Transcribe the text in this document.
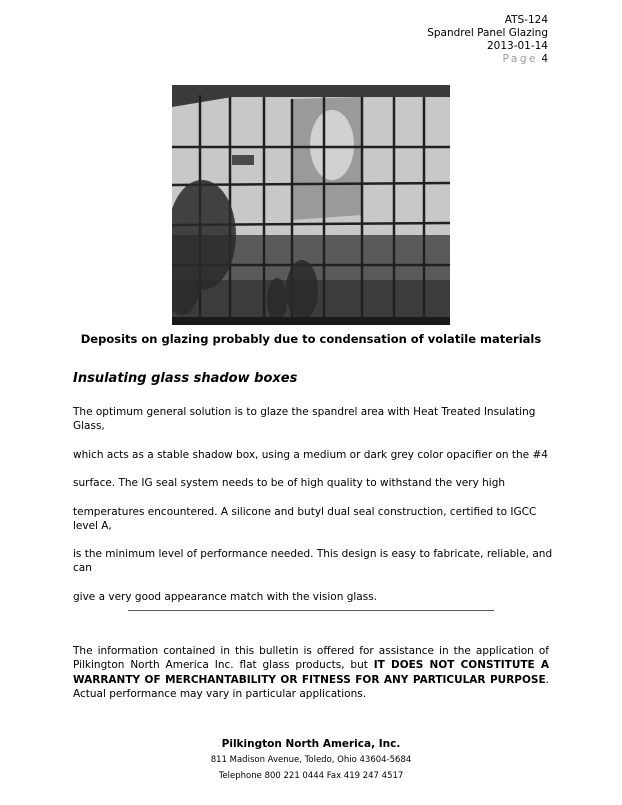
ATS-124
Spandrel Panel Glazing
2013-01-14
Page 4
Deposits on glazing probably due to condensation of volatile materials
Insulating glass shadow boxes

The optimum general solution is to glaze the spandrel area with Heat Treated Insulating Glass,

which acts as a stable shadow box, using a medium or dark grey color opacifier on the #4

surface. The IG seal system needs to be of high quality to withstand the very high

temperatures encountered. A silicone and butyl dual seal construction, certified to IGCC level A,

is the minimum level of performance needed. This design is easy to fabricate, reliable, and can

give a very good appearance match with the vision glass.

The information contained in this bulletin is offered for assistance in the application of Pilkington North America Inc. flat glass products, but IT DOES NOT CONSTITUTE A WARRANTY OF MERCHANTABILITY OR FITNESS FOR ANY PARTICULAR PURPOSE. Actual performance may vary in particular applications.
Pilkington North America, Inc.
811 Madison Avenue, Toledo, Ohio 43604-5684
Telephone 800 221 0444 Fax 419 247 4517
